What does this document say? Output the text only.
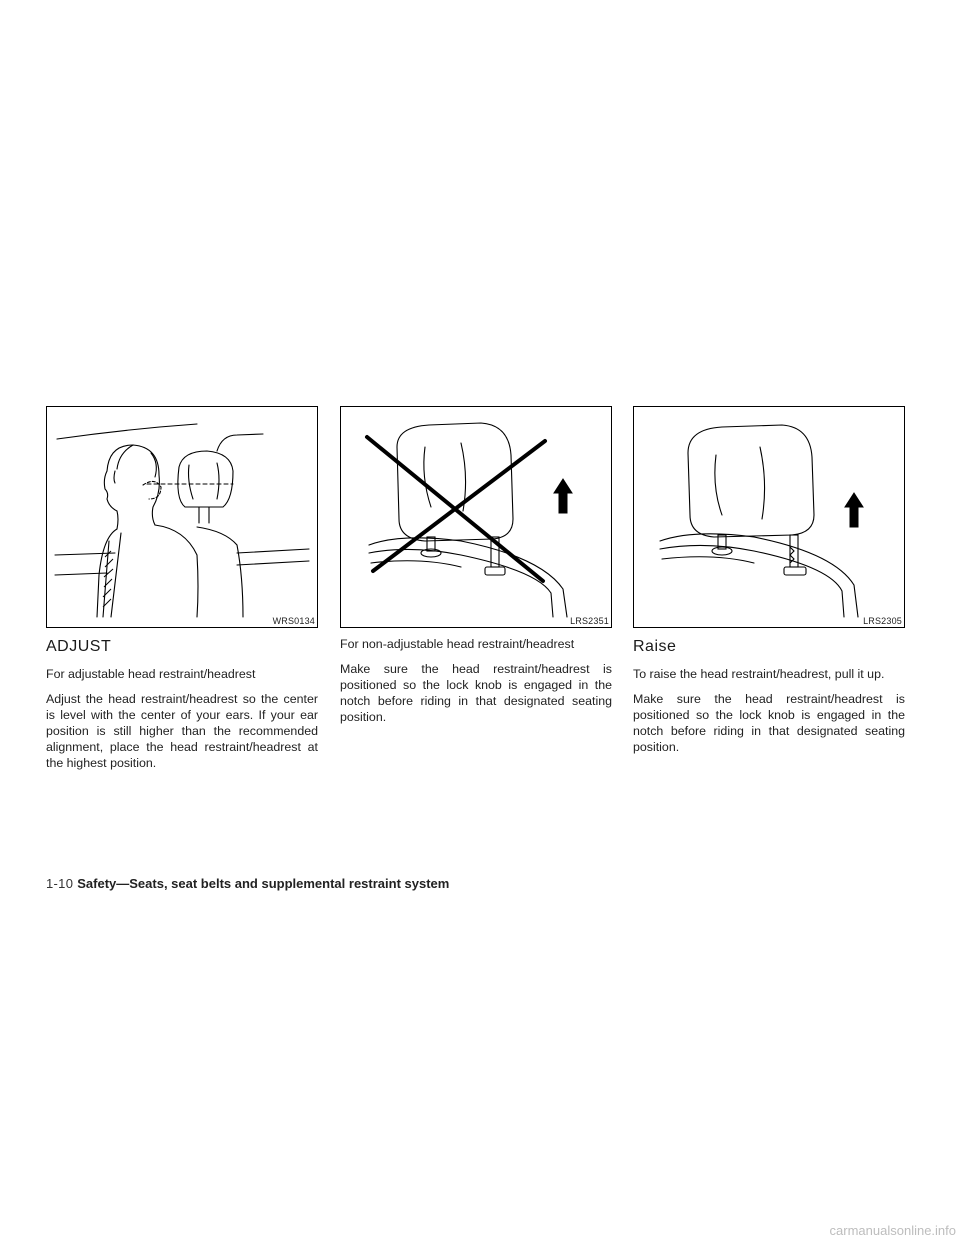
WRS0134
ADJUST

For adjustable head restraint/headrest

Adjust the head restraint/headrest so the center is level with the center of your ears. If your ear position is still higher than the recommended alignment, place the head restraint/headrest at the highest position.

LRS2351

For non-adjustable head restraint/headrest

Make sure the head restraint/headrest is positioned so the lock knob is engaged in the notch before riding in that designated seating position.

LRS2305
Raise

To raise the head restraint/headrest, pull it up.

Make sure the head restraint/headrest is positioned so the lock knob is engaged in the notch before riding in that designated seating position.

1-10 Safety—Seats, seat belts and supplemental restraint system
carmanualsonline.info
